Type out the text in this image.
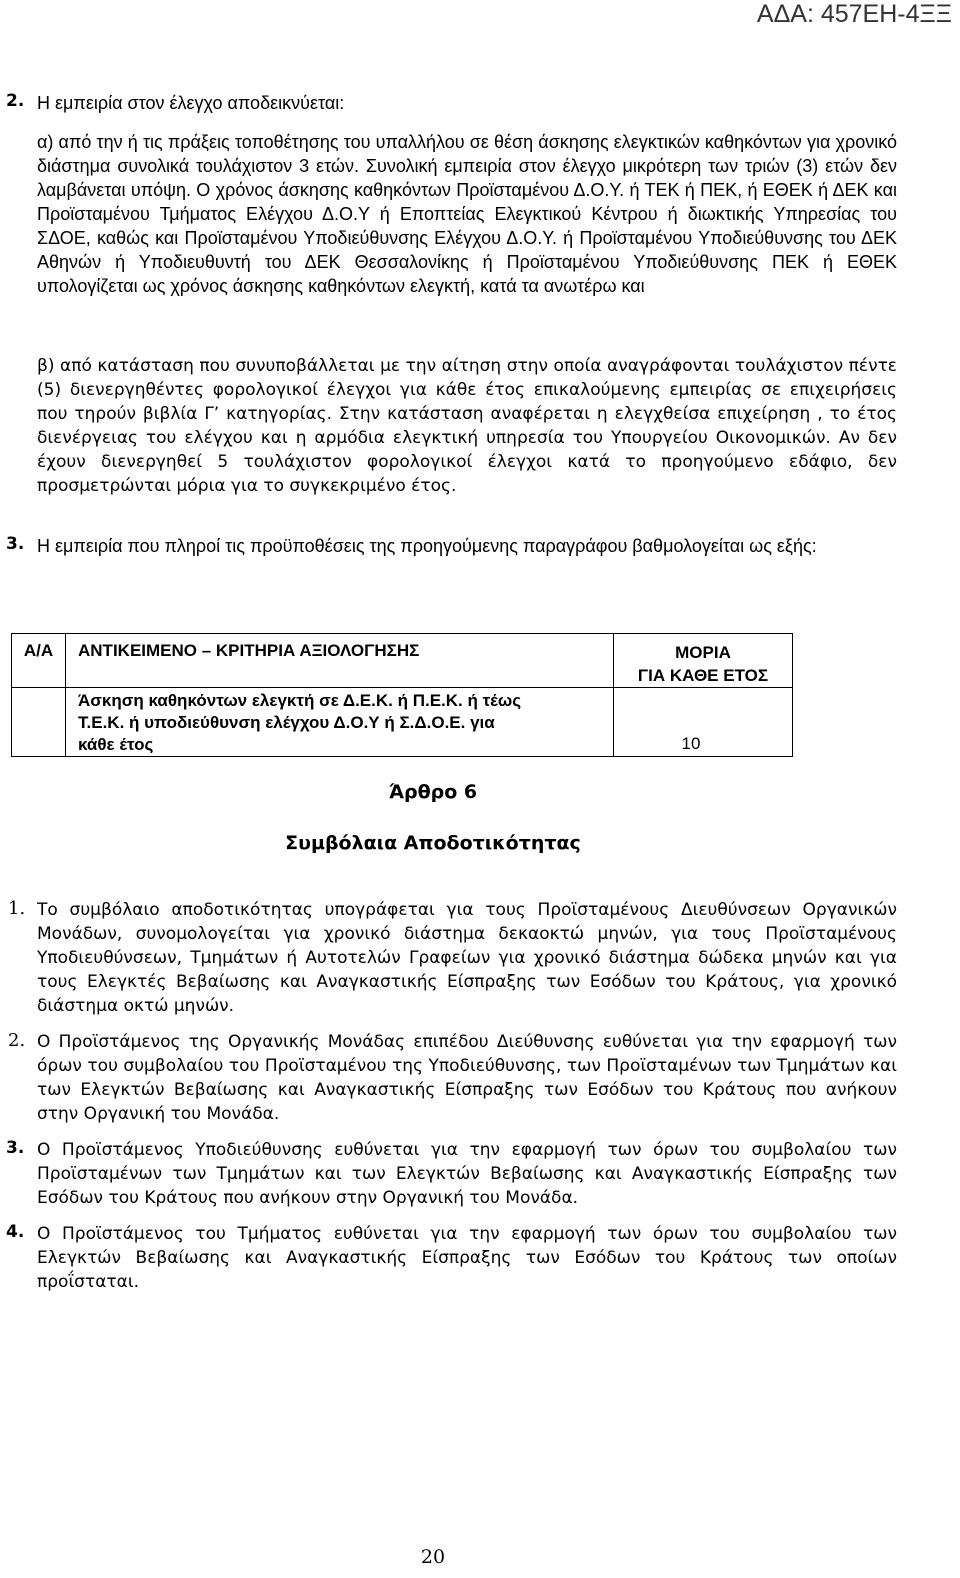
ΑΔΑ: 457ΕΗ-4ΞΞ
2. Η εμπειρία στον έλεγχο αποδεικνύεται:
α) από την ή τις πράξεις τοποθέτησης του υπαλλήλου σε θέση άσκησης ελεγκτικών καθηκόντων για χρονικό διάστημα συνολικά τουλάχιστον 3 ετών. Συνολική εμπειρία στον έλεγχο μικρότερη των τριών (3) ετών δεν λαμβάνεται υπόψη. Ο χρόνος άσκησης καθηκόντων Προϊσταμένου Δ.Ο.Υ. ή ΤΕΚ ή ΠΕΚ, ή ΕΘΕΚ ή ΔΕΚ και Προϊσταμένου Τμήματος Ελέγχου Δ.Ο.Υ ή Εποπτείας Ελεγκτικού Κέντρου ή διωκτικής Υπηρεσίας του ΣΔΟΕ, καθώς και Προϊσταμένου Υποδιεύθυνσης Ελέγχου Δ.Ο.Υ. ή Προϊσταμένου Υποδιεύθυνσης του ΔΕΚ Αθηνών ή Υποδιευθυντή του ΔΕΚ Θεσσαλονίκης ή Προϊσταμένου Υποδιεύθυνσης ΠΕΚ ή ΕΘΕΚ υπολογίζεται ως χρόνος άσκησης καθηκόντων ελεγκτή, κατά τα ανωτέρω και
β) από κατάσταση που συνυποβάλλεται με την αίτηση στην οποία αναγράφονται τουλάχιστον πέντε (5) διενεργηθέντες φορολογικοί έλεγχοι για κάθε έτος επικαλούμενης εμπειρίας σε επιχειρήσεις που τηρούν βιβλία Γ’ κατηγορίας. Στην κατάσταση αναφέρεται η ελεγχθείσα επιχείρηση , το έτος διενέργειας του ελέγχου και η αρμόδια ελεγκτική υπηρεσία του Υπουργείου Οικονομικών. Αν δεν έχουν διενεργηθεί 5 τουλάχιστον φορολογικοί έλεγχοι κατά το προηγούμενο εδάφιο, δεν προσμετρώνται μόρια για το συγκεκριμένο έτος.
3. Η εμπειρία που πληροί τις προϋποθέσεις της προηγούμενης παραγράφου βαθμολογείται ως εξής:
Α/Α	ΑΝΤΙΚΕΙΜΕΝΟ – ΚΡΙΤΗΡΙΑ ΑΞΙΟΛΟΓΗΣΗΣ	ΜΟΡΙΑ
ΓΙΑ ΚΑΘΕ ΕΤΟΣ

	Άσκηση καθηκόντων ελεγκτή σε Δ.Ε.Κ. ή Π.Ε.Κ. ή τέως
Τ.Ε.Κ. ή υποδιεύθυνση ελέγχου Δ.Ο.Υ ή Σ.Δ.Ο.Ε. για
κάθε έτος	10
Άρθρο 6
Συμβόλαια Αποδοτικότητας
1. Το συμβόλαιο αποδοτικότητας υπογράφεται για τους Προϊσταμένους Διευθύνσεων Οργανικών Μονάδων, συνομολογείται για χρονικό διάστημα δεκαοκτώ μηνών, για τους Προϊσταμένους Υποδιευθύνσεων, Τμημάτων ή Αυτοτελών Γραφείων για χρονικό διάστημα δώδεκα μηνών και για τους Ελεγκτές Βεβαίωσης και Αναγκαστικής Είσπραξης των Εσόδων του Κράτους, για χρονικό διάστημα οκτώ μηνών.
2. Ο Προϊστάμενος της Οργανικής Μονάδας επιπέδου Διεύθυνσης ευθύνεται για την εφαρμογή των όρων του συμβολαίου του Προϊσταμένου της Υποδιεύθυνσης, των Προϊσταμένων των Τμημάτων και των Ελεγκτών Βεβαίωσης και Αναγκαστικής Είσπραξης των Εσόδων του Κράτους που ανήκουν στην Οργανική του Μονάδα.
3. Ο Προϊστάμενος Υποδιεύθυνσης ευθύνεται για την εφαρμογή των όρων του συμβολαίου των Προϊσταμένων των Τμημάτων και των Ελεγκτών Βεβαίωσης και Αναγκαστικής Είσπραξης των Εσόδων του Κράτους που ανήκουν στην Οργανική του Μονάδα.
4. Ο Προϊστάμενος του Τμήματος ευθύνεται για την εφαρμογή των όρων του συμβολαίου των Ελεγκτών Βεβαίωσης και Αναγκαστικής Είσπραξης των Εσόδων του Κράτους των οποίων προΐσταται.
20
